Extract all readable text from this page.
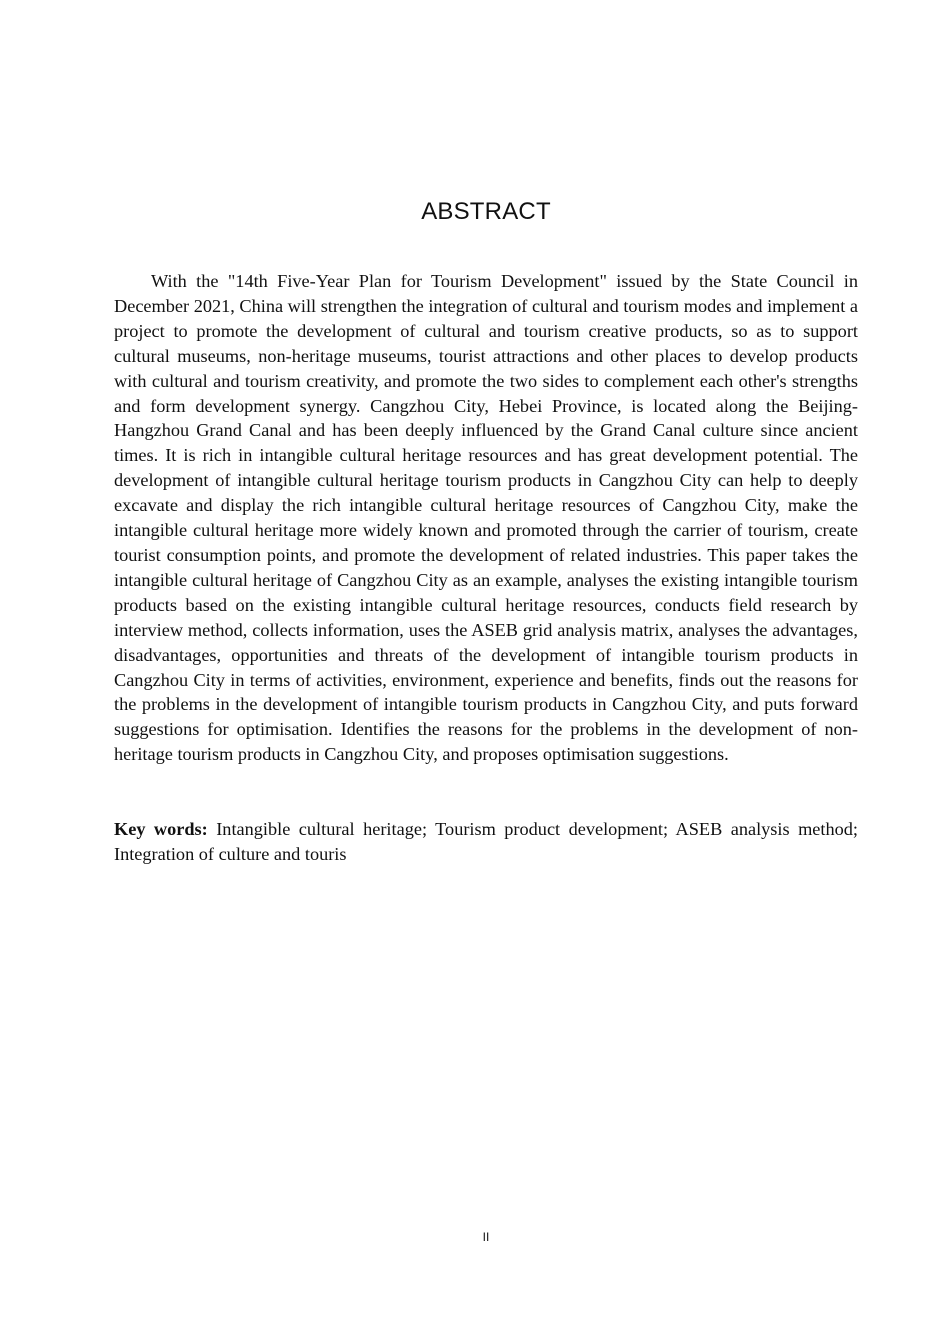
ABSTRACT

With the "14th Five-Year Plan for Tourism Development" issued by the State Council in December 2021, China will strengthen the integration of cultural and tourism modes and implement a project to promote the development of cultural and tourism creative products, so as to support cultural museums, non-heritage museums, tourist attractions and other places to develop products with cultural and tourism creativity, and promote the two sides to complement each other's strengths and form development synergy. Cangzhou City, Hebei Province, is located along the Beijing-Hangzhou Grand Canal and has been deeply influenced by the Grand Canal culture since ancient times. It is rich in intangible cultural heritage resources and has great development potential. The development of intangible cultural heritage tourism products in Cangzhou City can help to deeply excavate and display the rich intangible cultural heritage resources of Cangzhou City, make the intangible cultural heritage more widely known and promoted through the carrier of tourism, create tourist consumption points, and promote the development of related industries. This paper takes the intangible cultural heritage of Cangzhou City as an example, analyses the existing intangible tourism products based on the existing intangible cultural heritage resources, conducts field research by interview method, collects information, uses the ASEB grid analysis matrix, analyses the advantages, disadvantages, opportunities and threats of the development of intangible tourism products in Cangzhou City in terms of activities, environment, experience and benefits, finds out the reasons for the problems in the development of intangible tourism products in Cangzhou City, and puts forward suggestions for optimisation. Identifies the reasons for the problems in the development of non-heritage tourism products in Cangzhou City, and proposes optimisation suggestions.

Key words: Intangible cultural heritage; Tourism product development; ASEB analysis method; Integration of culture and touris

II
